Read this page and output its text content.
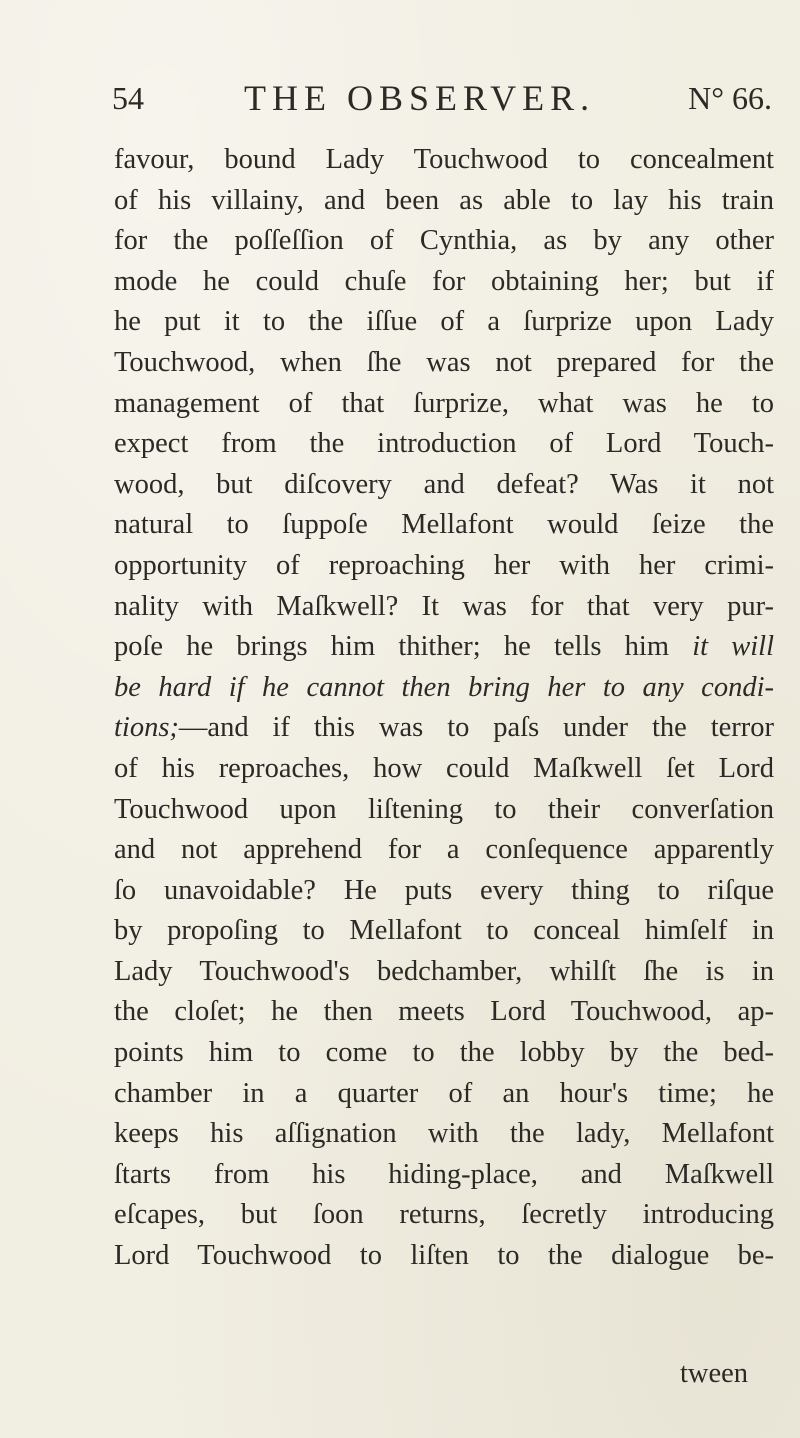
54	THE OBSERVER.	N° 66.
favour, bound Lady Touchwood to concealment
of his villainy, and been as able to lay his train
for the poſſeſſion of Cynthia, as by any other
mode he could chuſe for obtaining her; but if
he put it to the iſſue of a ſurprize upon Lady
Touchwood, when ſhe was not prepared for the
management of that ſurprize, what was he to
expect from the introduction of Lord Touch-
wood, but diſcovery and defeat? Was it not
natural to ſuppoſe Mellafont would ſeize the
opportunity of reproaching her with her crimi-
nality with Maſkwell? It was for that very pur-
poſe he brings him thither; he tells him it will
be hard if he cannot then bring her to any condi-
tions;—and if this was to paſs under the terror
of his reproaches, how could Maſkwell ſet Lord
Touchwood upon liſtening to their converſation
and not apprehend for a conſequence apparently
ſo unavoidable? He puts every thing to riſque
by propoſing to Mellafont to conceal himſelf in
Lady Touchwood's bedchamber, whilſt ſhe is in
the cloſet; he then meets Lord Touchwood, ap-
points him to come to the lobby by the bed-
chamber in a quarter of an hour's time; he
keeps his aſſignation with the lady, Mellafont
ſtarts from his hiding-place, and Maſkwell
eſcapes, but ſoon returns, ſecretly introducing
Lord Touchwood to liſten to the dialogue be-
tween
